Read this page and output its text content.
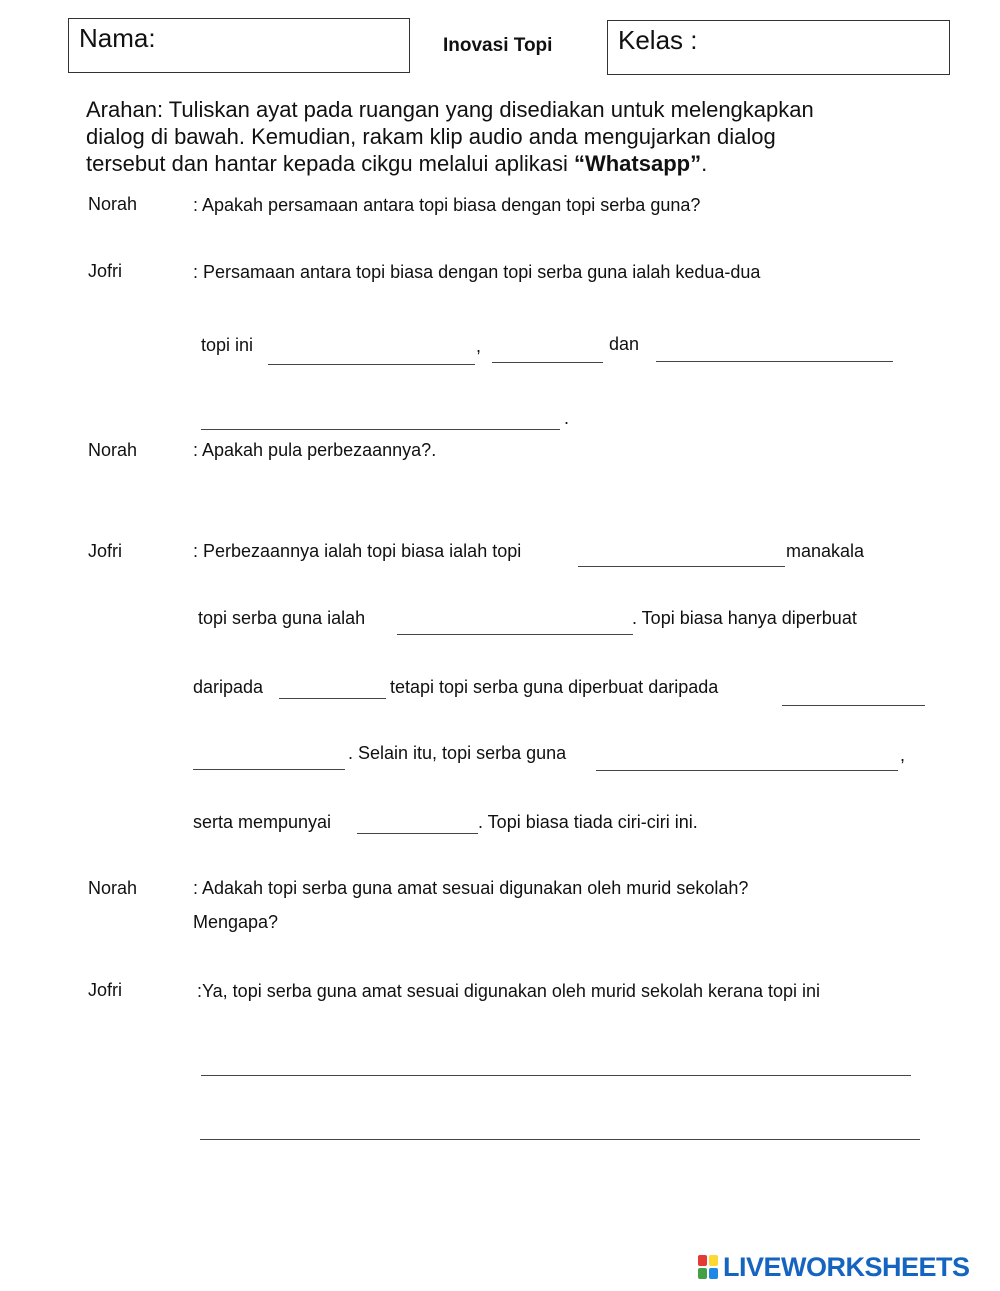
Nama:	Inovasi Topi	Kelas :
Arahan: Tuliskan ayat pada ruangan yang disediakan untuk melengkapkan
dialog di bawah. Kemudian, rakam klip audio anda mengujarkan dialog
tersebut dan hantar kepada cikgu melalui aplikasi “Whatsapp”.
Norah	: Apakah persamaan antara topi biasa dengan topi serba guna?
Jofri	: Persamaan antara topi biasa dengan topi serba guna ialah kedua-dua
topi ini	,	dan
.
Norah	: Apakah pula perbezaannya?.
Jofri	: Perbezaannya ialah topi biasa ialah topi	manakala
topi serba guna ialah	. Topi biasa hanya diperbuat
daripada	tetapi topi serba guna diperbuat daripada
. Selain itu, topi serba guna	,
serta mempunyai	. Topi biasa tiada ciri-ciri ini.
Norah	: Adakah topi serba guna amat sesuai digunakan oleh murid sekolah?
Mengapa?
Jofri	:Ya, topi serba guna amat sesuai digunakan oleh murid sekolah kerana topi ini
LIVEWORKSHEETS
